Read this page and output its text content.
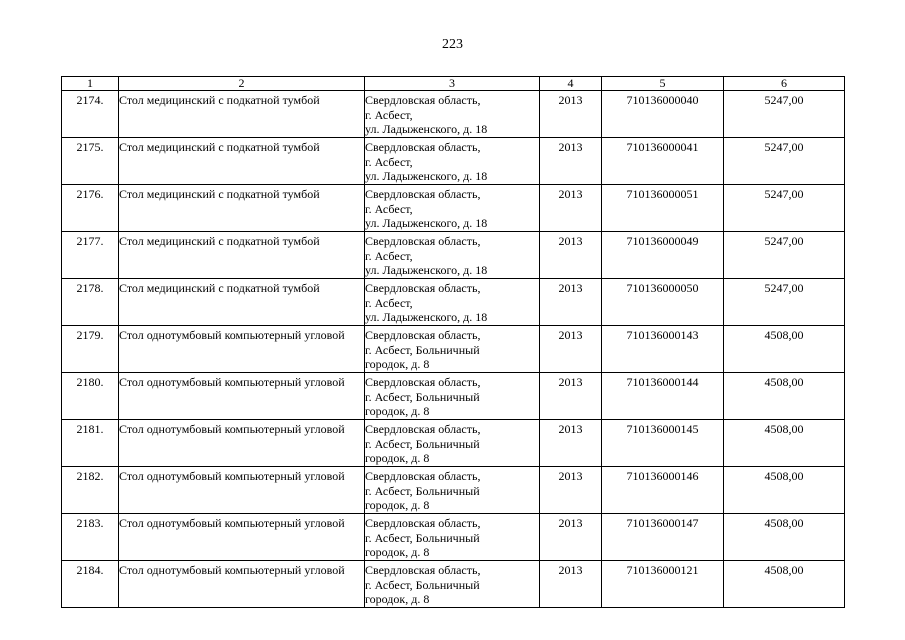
223
1	2	3	4	5	6
2174.	Стол медицинский с подкатной тумбой	Свердловская область,
г. Асбест,
ул. Ладыженского, д. 18	2013	710136000040	5247,00
2175.	Стол медицинский с подкатной тумбой	Свердловская область,
г. Асбест,
ул. Ладыженского, д. 18	2013	710136000041	5247,00
2176.	Стол медицинский с подкатной тумбой	Свердловская область,
г. Асбест,
ул. Ладыженского, д. 18	2013	710136000051	5247,00
2177.	Стол медицинский с подкатной тумбой	Свердловская область,
г. Асбест,
ул. Ладыженского, д. 18	2013	710136000049	5247,00
2178.	Стол медицинский с подкатной тумбой	Свердловская область,
г. Асбест,
ул. Ладыженского, д. 18	2013	710136000050	5247,00
2179.	Стол однотумбовый компьютерный угловой	Свердловская область,
г. Асбест, Больничный
городок, д. 8	2013	710136000143	4508,00
2180.	Стол однотумбовый компьютерный угловой	Свердловская область,
г. Асбест, Больничный
городок, д. 8	2013	710136000144	4508,00
2181.	Стол однотумбовый компьютерный угловой	Свердловская область,
г. Асбест, Больничный
городок, д. 8	2013	710136000145	4508,00
2182.	Стол однотумбовый компьютерный угловой	Свердловская область,
г. Асбест, Больничный
городок, д. 8	2013	710136000146	4508,00
2183.	Стол однотумбовый компьютерный угловой	Свердловская область,
г. Асбест, Больничный
городок, д. 8	2013	710136000147	4508,00
2184.	Стол однотумбовый компьютерный угловой	Свердловская область,
г. Асбест, Больничный
городок, д. 8	2013	710136000121	4508,00
